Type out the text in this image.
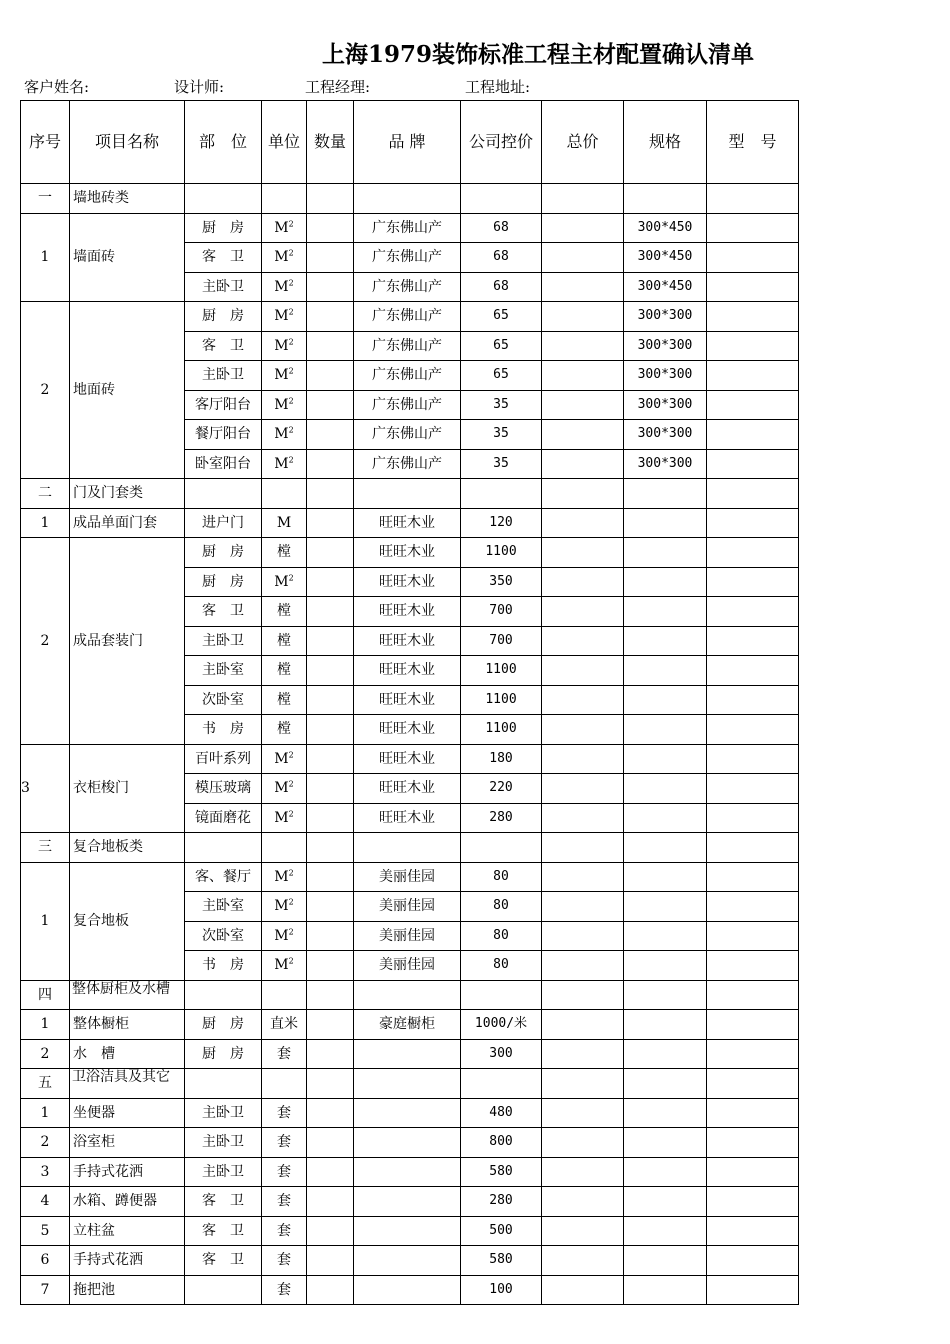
上海1979装饰标准工程主材配置确认清单
客户姓名:	设计师:	工程经理:	工程地址:
序号	项目名称	部　位	单位	数量	品 牌	公司控价	总价	规格	型　号
一	墙地砖类								
1	墙面砖	厨　房	$M^2$		广东佛山产	68		300*450	
		客　卫	$M^2$		广东佛山产	68		300*450	
		主卧卫	$M^2$		广东佛山产	68		300*450	
2	地面砖	厨　房	$M^2$		广东佛山产	65		300*300	
		客　卫	$M^2$		广东佛山产	65		300*300	
		主卧卫	$M^2$		广东佛山产	65		300*300	
		客厅阳台	$M^2$		广东佛山产	35		300*300	
		餐厅阳台	$M^2$		广东佛山产	35		300*300	
		卧室阳台	$M^2$		广东佛山产	35		300*300	
二	门及门套类								
1	成品单面门套	进户门	M		旺旺木业	120			
2	成品套装门	厨　房	樘		旺旺木业	1100			
		厨　房	$M^2$		旺旺木业	350			
		客　卫	樘		旺旺木业	700			
		主卧卫	樘		旺旺木业	700			
		主卧室	樘		旺旺木业	1100			
		次卧室	樘		旺旺木业	1100			
		书　房	樘		旺旺木业	1100			
3	衣柜梭门	百叶系列	$M^2$		旺旺木业	180			
		模压玻璃	$M^2$		旺旺木业	220			
		镜面磨花	$M^2$		旺旺木业	280			
三	复合地板类								
1	复合地板	客、餐厅	$M^2$		美丽佳园	80			
		主卧室	$M^2$		美丽佳园	80			
		次卧室	$M^2$		美丽佳园	80			
		书　房	$M^2$		美丽佳园	80			
四	整体厨柜及水槽								
1	整体橱柜	厨　房	直米		豪庭橱柜	1000/米			
2	水　槽	厨　房	套			300			
五	卫浴洁具及其它								
1	坐便器	主卧卫	套			480			
2	浴室柜	主卧卫	套			800			
3	手持式花洒	主卧卫	套			580			
4	水箱、蹲便器	客　卫	套			280			
5	立柱盆	客　卫	套			500			
6	手持式花洒	客　卫	套			580			
7	拖把池		套			100			
